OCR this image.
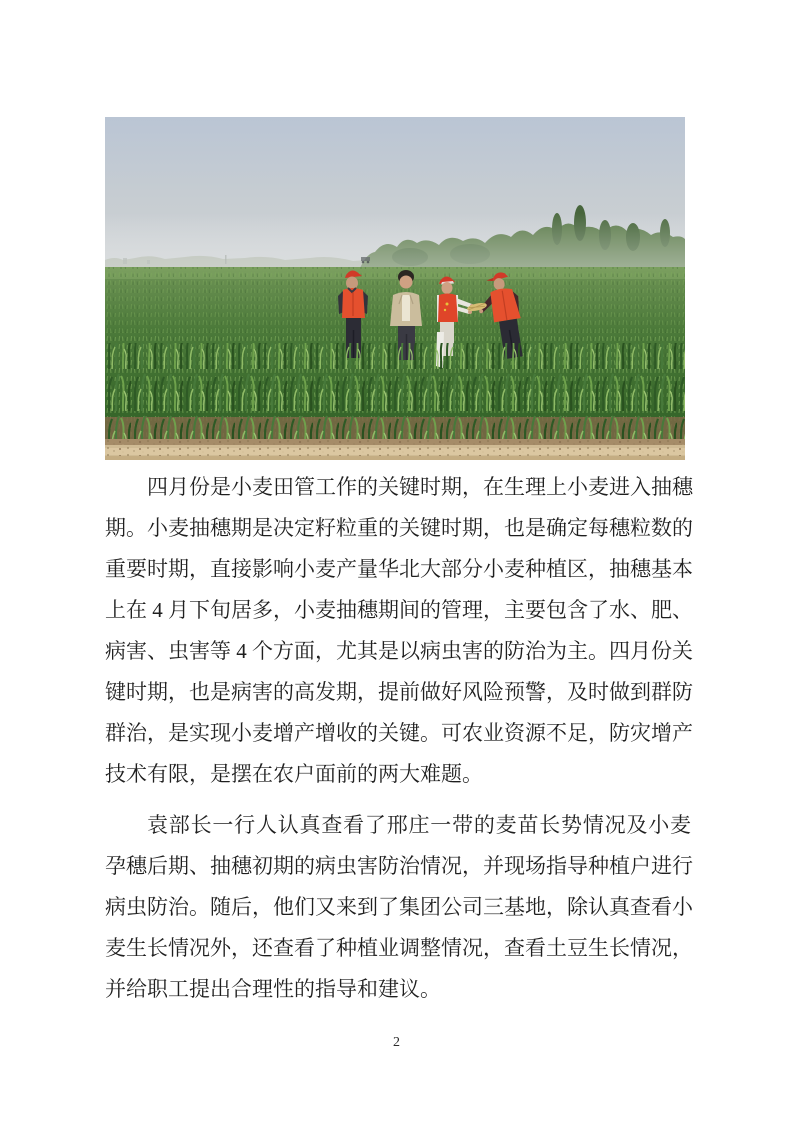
四月份是小麦田管工作的关键时期，在生理上小麦进入抽穗
期。小麦抽穗期是决定籽粒重的关键时期，也是确定每穗粒数的
重要时期，直接影响小麦产量华北大部分小麦种植区，抽穗基本
上在 4 月下旬居多，小麦抽穗期间的管理，主要包含了水、肥、
病害、虫害等 4 个方面，尤其是以病虫害的防治为主。四月份关
键时期，也是病害的高发期，提前做好风险预警，及时做到群防
群治，是实现小麦增产增收的关键。可农业资源不足，防灾增产
技术有限，是摆在农户面前的两大难题。
袁部长一行人认真查看了邢庄一带的麦苗长势情况及小麦
孕穗后期、抽穗初期的病虫害防治情况，并现场指导种植户进行
病虫防治。随后，他们又来到了集团公司三基地，除认真查看小
麦生长情况外，还查看了种植业调整情况，查看土豆生长情况，
并给职工提出合理性的指导和建议。
2
